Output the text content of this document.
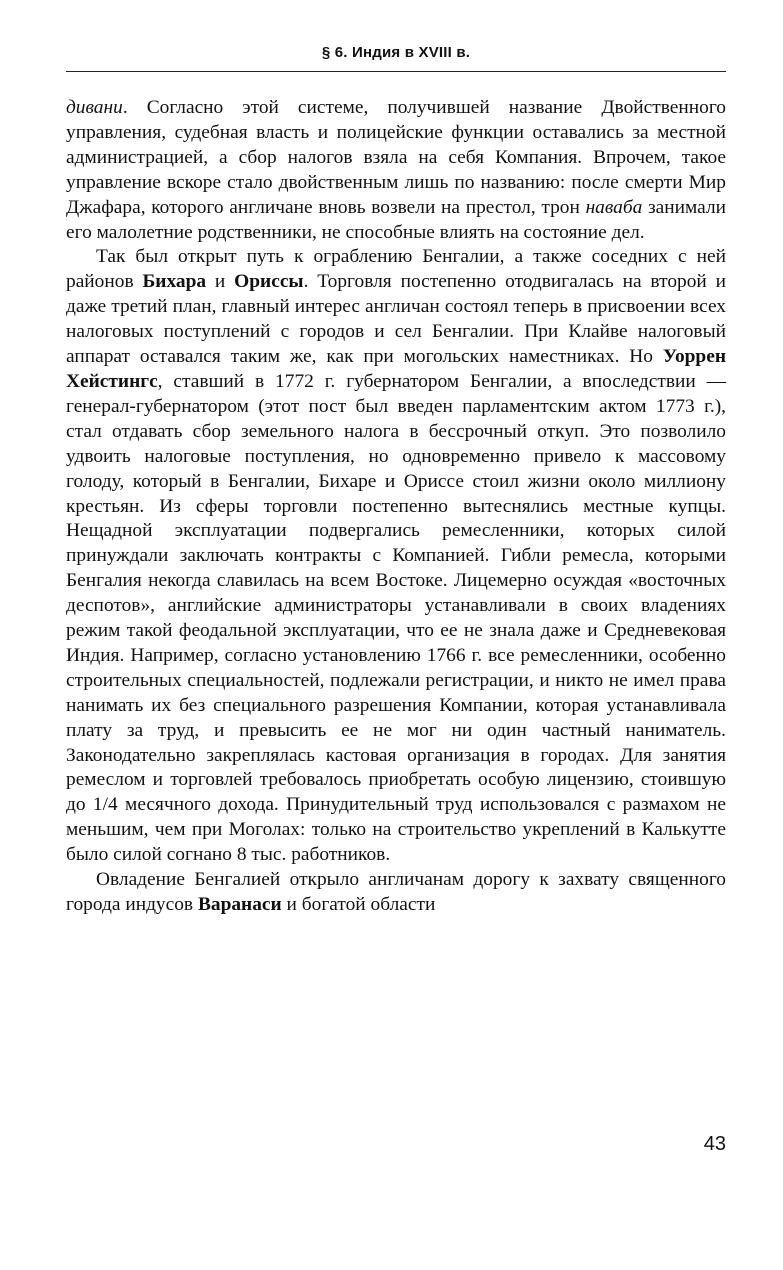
§ 6. Индия в XVIII в.

дивани. Согласно этой системе, получившей название Двойственного управления, судебная власть и полицейские функции оставались за местной администрацией, а сбор налогов взяла на себя Компания. Впрочем, такое управление вскоре стало двойственным лишь по названию: после смерти Мир Джафара, которого англичане вновь возвели на престол, трон наваба занимали его малолетние родственники, не способные влиять на состояние дел.

Так был открыт путь к ограблению Бенгалии, а также соседних с ней районов Бихара и Ориссы. Торговля постепенно отодвигалась на второй и даже третий план, главный интерес англичан состоял теперь в присвоении всех налоговых поступлений с городов и сел Бенгалии. При Клайве налоговый аппарат оставался таким же, как при могольских наместниках. Но Уоррен Хейстингс, ставший в 1772 г. губернатором Бенгалии, а впоследствии — генерал-губернатором (этот пост был введен парламентским актом 1773 г.), стал отдавать сбор земельного налога в бессрочный откуп. Это позволило удвоить налоговые поступления, но одновременно привело к массовому голоду, который в Бенгалии, Бихаре и Ориссе стоил жизни около миллиону крестьян. Из сферы торговли постепенно вытеснялись местные купцы. Нещадной эксплуатации подвергались ремесленники, которых силой принуждали заключать контракты с Компанией. Гибли ремесла, которыми Бенгалия некогда славилась на всем Востоке. Лицемерно осуждая «восточных деспотов», английские администраторы устанавливали в своих владениях режим такой феодальной эксплуатации, что ее не знала даже и Средневековая Индия. Например, согласно установлению 1766 г. все ремесленники, особенно строительных специальностей, подлежали регистрации, и никто не имел права нанимать их без специального разрешения Компании, которая устанавливала плату за труд, и превысить ее не мог ни один частный наниматель. Законодательно закреплялась кастовая организация в городах. Для занятия ремеслом и торговлей требовалось приобретать особую лицензию, стоившую до 1/4 месячного дохода. Принудительный труд использовался с размахом не меньшим, чем при Моголах: только на строительство укреплений в Калькутте было силой согнано 8 тыс. работников.

Овладение Бенгалией открыло англичанам дорогу к захвату священного города индусов Варанаси и богатой области

43
